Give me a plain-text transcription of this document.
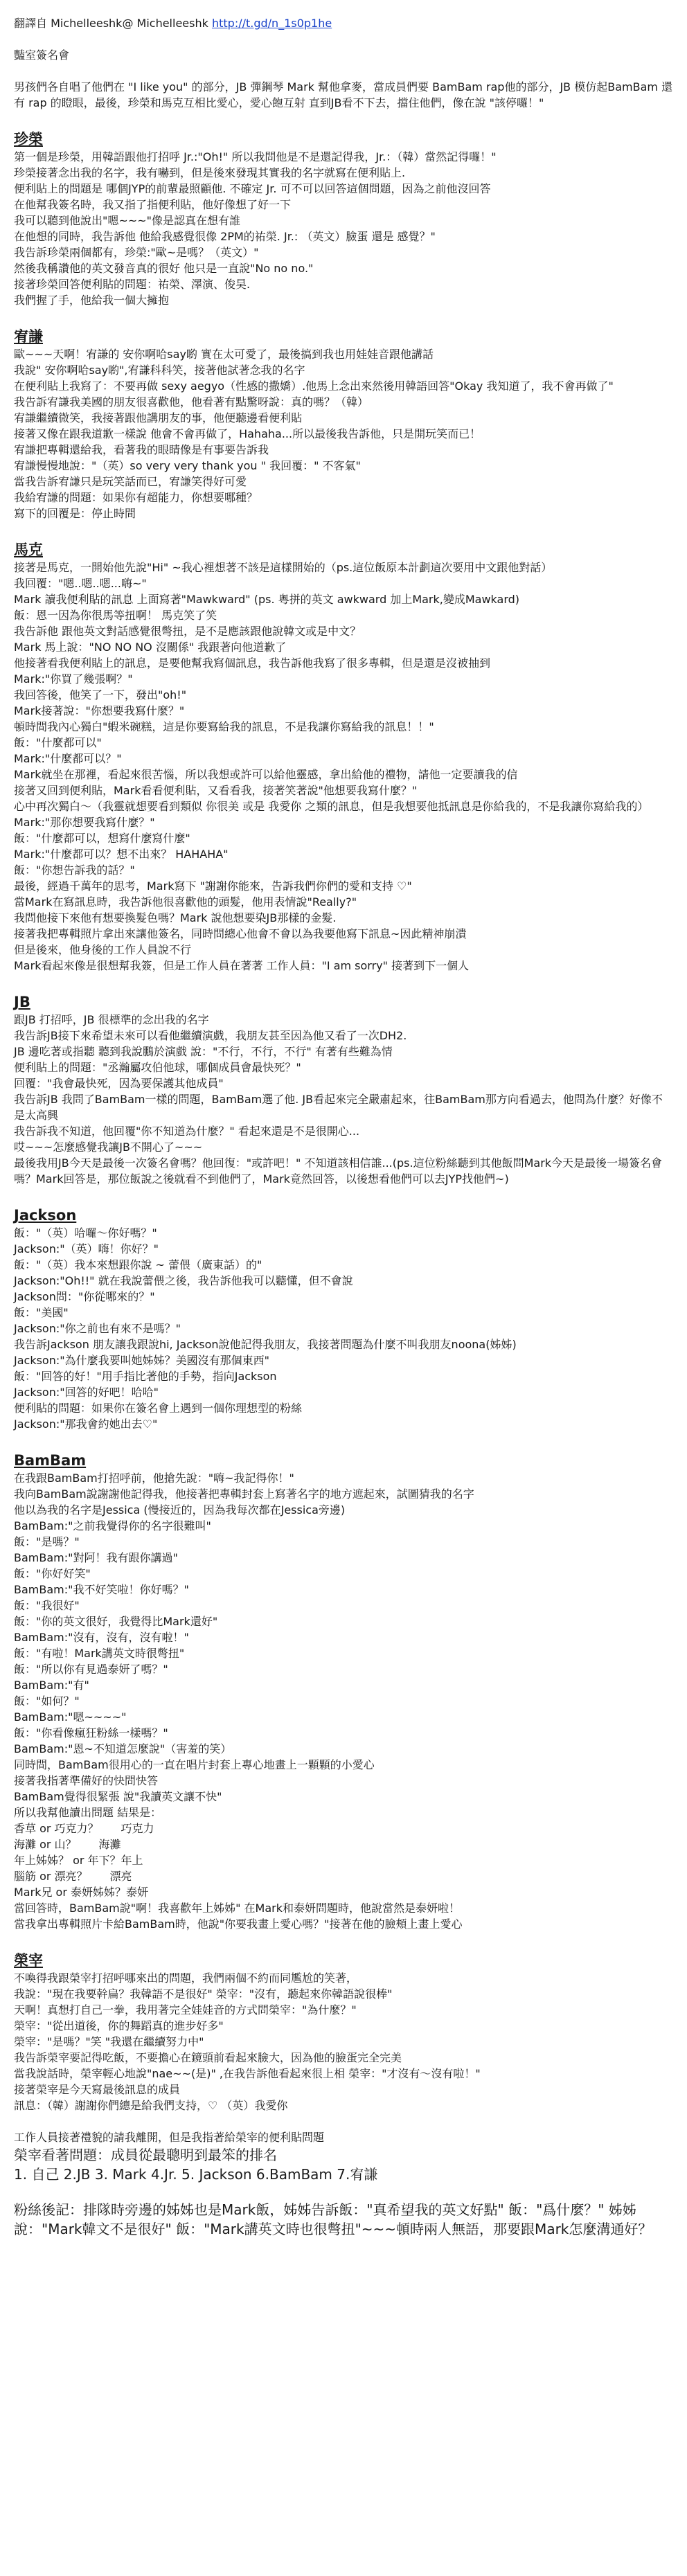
翻譯自 Michelleeshk@ Michelleeshk http://t.gd/n_1s0p1he
豔室簽名會
男孩們各自唱了他們在 "I like you" 的部分，JB 彈鋼琴 Mark 幫他拿麥，當成員們要 BamBam rap他的部分，JB 模仿起BamBam 還有 rap 的瞪眼，最後，珍榮和馬克互相比愛心，愛心飽互射 直到JB看不下去，擋住他們，像在說 "該停囉！"
珍榮
第一個是珍榮，用韓語跟他打招呼 Jr.:"Oh!" 所以我問他是不是還記得我，Jr.：（韓）當然記得囉！"
珍榮接著念出我的名字，我有嚇到，但是後來發現其實我的名字就寫在便利貼上.
便利貼上的問題是 哪個JYP的前輩最照顧他. 不確定 Jr. 可不可以回答這個問題，因為之前他沒回答
在他幫我簽名時，我又指了指便利貼，他好像想了好一下
我可以聽到他說出"嗯~~~"像是認真在想有誰
在他想的同時，我告訴他 他給我感覺很像 2PM的祐榮. Jr.: （英文）臉蛋 還是 感覺？"
我告訴珍榮兩個都有，珍榮:"歐~是嗎？（英文）"
然後我稱讚他的英文發音真的很好 他只是一直說"No no no."
接著珍榮回答便利貼的問題：祐榮、澤演、俊昊.
我們握了手，他給我一個大擁抱
宥謙
歐~~~天啊！宥謙的 安你啊哈say喲 實在太可愛了，最後搞到我也用娃娃音跟他講話
我說" 安你啊哈say喲",宥謙科科笑，接著他試著念我的名字
在便利貼上我寫了：不要再做 sexy aegyo（性感的撒嬌）.他馬上念出來然後用韓語回答"Okay 我知道了，我不會再做了"
我告訴宥謙我美國的朋友很喜歡他，他看著有點驚呀說：真的嗎？（韓）
宥謙繼續微笑，我接著跟他講朋友的事，他便聽邊看便利貼
接著又像在跟我道歉一樣說 他會不會再做了，Hahaha...所以最後我告訴他，只是開玩笑而已！
宥謙把專輯還給我，看著我的眼睛像是有事要告訴我
宥謙慢慢地說："（英）so very very thank you " 我回覆：" 不客氣"
當我告訴宥謙只是玩笑話而已，宥謙笑得好可愛
我給宥謙的問題：如果你有超能力，你想要哪種？
寫下的回覆是：停止時間
馬克
接著是馬克，一開始他先說"Hi" ~我心裡想著不該是這樣開始的（ps.這位飯原本計劃這次要用中文跟他對話）
我回覆："嗯..嗯..嗯...嗨~"
Mark 讀我便利貼的訊息 上面寫著"Mawkward" (ps. 粵拼的英文 awkward 加上Mark,變成Mawkard)
飯：恩一因為你很馬等扭啊！ 馬克笑了笑
我告訴他 跟他英文對話感覺很彆扭，是不是應該跟他說韓文或是中文？
Mark 馬上說："NO NO NO 沒關係" 我跟著向他道歉了
他接著看我便利貼上的訊息，是要他幫我寫個訊息，我告訴他我寫了很多專輯，但是還是沒被抽到
Mark:"你買了幾張啊？"
我回答後，他笑了一下，發出"oh!"
Mark接著說："你想要我寫什麼？"
頓時間我內心獨白"蝦米碗糕，這是你要寫給我的訊息，不是我讓你寫給我的訊息！！"
飯："什麼都可以"
Mark:"什麼都可以？"
Mark就坐在那裡，看起來很苦惱，所以我想或許可以給他靈感，拿出給他的禮物，請他一定要讀我的信
接著又回到便利貼，Mark看看便利貼，又看看我，接著笑著說"他想要我寫什麼？"
心中再次獨白～（我靈就想要看到類似 你很美 或是 我愛你 之類的訊息，但是我想要他抵訊息是你給我的，不是我讓你寫給我的）
Mark:"那你想要我寫什麼？"
飯："什麼都可以，想寫什麼寫什麼"
Mark:"什麼都可以？想不出來？ HAHAHA"
飯："你想告訴我的話？"
最後，經過千萬年的思考，Mark寫下 "謝謝你能來，告訴我們你們的愛和支持 ♡"
當Mark在寫訊息時，我告訴他很喜歡他的頭髮，他用表情說"Really?"
我問他接下來他有想要換髮色嗎？Mark 說他想要染JB那樣的金髮.
接著我把專輯照片拿出來讓他簽名，同時問總心他會不會以為我要他寫下訊息~因此精神崩潰
但是後來，他身後的工作人員說不行
Mark看起來像是很想幫我簽，但是工作人員在著著 工作人員："I am sorry" 接著到下一個人
JB
跟JB 打招呼，JB 很標準的念出我的名字
我告訴JB接下來希望未來可以看他繼續演戲，我朋友甚至因為他又看了一次DH2.
JB 邊吃著或指聽 聽到我說鵬於演戲 說："不行，不行，不行" 有著有些難為情
便利貼上的問題："丞瀚屬攻伯他球，哪個成員會最快死？"
回覆："我會最快死，因為要保護其他成員"
我告訴JB 我問了BamBam一樣的問題，BamBam選了他. JB看起來完全嚴肅起來，往BamBam那方向看過去，他問為什麼？好像不是太高興
我告訴我不知道，他回覆"你不知道為什麼？" 看起來還是不是很開心...
哎~~~怎麼感覺我讓JB不開心了~~~
最後我用JB今天是最後一次簽名會嗎？他回復："或許吧！" 不知道該相信誰...(ps.這位粉絲聽到其他飯問Mark今天是最後一場簽名會嗎？Mark回答是，那位飯說之後就看不到他們了，Mark竟然回答，以後想看他們可以去JYP找他們~)
Jackson
飯："（英）哈囉～你好嗎？"
Jackson:"（英）嗨！你好？"
飯："（英）我本來想跟你說 ~ 蕾偎（廣東話）的"
Jackson:"Oh!!" 就在我說蕾偎之後，我告訴他我可以聽懂，但不會說
Jackson問："你從哪來的？"
飯："美國"
Jackson:"你之前也有來不是嗎？"
我告訴Jackson 朋友讓我跟說hi, Jackson說他記得我朋友，我接著問題為什麼不叫我朋友noona(姊姊)
Jackson:"為什麼我要叫她姊姊？美國沒有那個東西"
飯："回答的好！"用手指比著他的手勢，指向Jackson
Jackson:"回答的好吧！哈哈"
便利貼的問題：如果你在簽名會上遇到一個你理想型的粉絲
Jackson:"那我會約她出去♡"
BamBam
在我跟BamBam打招呼前，他搶先說："嗨~我記得你！"
我向BamBam說謝謝他記得我，他接著把專輯封套上寫著名字的地方遮起來，試圖猜我的名字
他以為我的名字是Jessica (慢接近的，因為我每次都在Jessica旁邊)
BamBam:"之前我覺得你的名字很難叫"
飯："是嗎？"
BamBam:"對阿！我有跟你講過"
飯："你好好笑"
BamBam:"我不好笑啦！你好嗎？"
飯："我很好"
飯："你的英文很好，我覺得比Mark還好"
BamBam:"沒有，沒有，沒有啦！"
飯："有啦！Mark講英文時很彆扭"
飯："所以你有見過泰妍了嗎？"
BamBam:"有"
飯："如何？"
BamBam:"嗯~~~~"
飯："你看像瘋狂粉絲一樣嗎？"
BamBam:"恩~不知道怎麼說"（害羞的笑）
同時間，BamBam很用心的一直在唱片封套上專心地畫上一顆顆的小愛心
接著我指著準備好的快問快答
BamBam覺得很緊張 說"我讀英文讓不快"
所以我幫他讀出問題 結果是：
香草 or 巧克力？　　巧克力
海灘 or 山？　　海灘
年上姊姊？ or 年下？年上
腦筋 or 漂亮？　　漂亮
Mark兄 or 泰妍姊姊？泰妍
當回答時，BamBam說"啊！我喜歡年上姊姊" 在Mark和泰妍問題時，他說當然是泰妍啦！
當我拿出專輯照片卡給BamBam時，他說"你要我畫上愛心嗎？"接著在他的臉頰上畫上愛心
榮宰
不喚得我跟榮宰打招呼哪來出的問題，我們兩個不約而同尷尬的笑著，
我說："現在我要幹扁？我韓語不是很好" 榮宰："沒有，聽起來你韓語說很棒"
天啊！真想打自己一拳，我用著完全娃娃音的方式問榮宰："為什麼？"
榮宰："從出道後，你的舞蹈真的進步好多"
榮宰："是嗎？"笑 "我還在繼續努力中"
我告訴榮宰要記得吃飯，不要擔心在鏡頭前看起來臉大，因為他的臉蛋完全完美
當我說話時，榮宰輕心地說"nae~~(是)" ,在我告訴他看起來很上相 榮宰："才沒有～沒有啦！"
接著榮宰是今天寫最後訊息的成員
訊息：（韓）謝謝你們總是給我們支持，♡ （英）我愛你
工作人員接著禮貌的請我離開，但是我指著給榮宰的便利貼問題
榮宰看著問題：成員從最聰明到最笨的排名
1. 自己 2.JB 3. Mark 4.Jr. 5. Jackson 6.BamBam 7.宥謙
粉絲後記：排隊時旁邊的姊姊也是Mark飯，姊姊告訴飯："真希望我的英文好點" 飯："爲什麼？" 姊姊說："Mark韓文不是很好" 飯："Mark講英文時也很彆扭"~~~頓時兩人無語，那要跟Mark怎麼溝通好？
